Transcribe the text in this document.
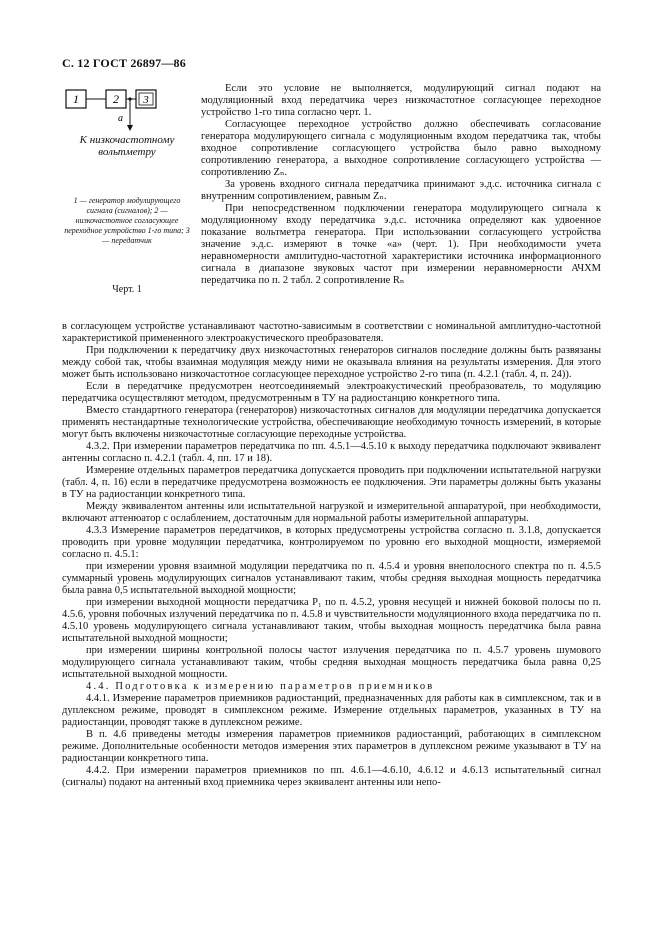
С. 12 ГОСТ 26897—86
1	2 3
а
К низкочастотному
вольтметру
1 — генератор модулирующего сигнала (сигналов); 2 — низкочастотное согласующее переходное устройство 1-го типа; 3 — передатчик
Черт. 1

Если это условие не выполняется, модулирующий сигнал подают на модуляционный вход передатчика через низкочастотное согласующее переходное устройство 1-го типа согласно черт. 1.

Согласующее переходное устройство должно обеспечивать согласование генератора модулирующего сигнала с модуляционным входом передатчика так, чтобы входное сопротивление согласующего устройства было равно выходному сопротивлению генератора, а выходное сопротивление согласующего устройства — сопротивлению Zₙ.

За уровень входного сигнала передатчика принимают э.д.с. источника сигнала с внутренним сопротивлением, равным Zₙ.

При непосредственном подключении генератора модулирующего сигнала к модуляционному входу передатчика э.д.с. источника определяют как удвоенное показание вольтметра генератора. При использовании согласующего устройства значение э.д.с. измеряют в точке «а» (черт. 1). При необходимости учета неравномерности амплитудно-частотной характеристики источника информационного сигнала в диапазоне звуковых частот при измерении неравномерности АЧХМ передатчика по п. 2 табл. 2 сопротивление Rₙ

в согласующем устройстве устанавливают частотно-зависимым в соответствии с номинальной амплитудно-частотной характеристикой примененного электроакустического преобразователя.

При подключении к передатчику двух низкочастотных генераторов сигналов последние должны быть развязаны между собой так, чтобы взаимная модуляция между ними не оказывала влияния на результаты измерения. Для этого может быть использовано низкочастотное согласующее переходное устройство 2-го типа (п. 4.2.1 (табл. 4, п. 24)).

Если в передатчике предусмотрен неотсоединяемый электроакустический преобразователь, то модуляцию передатчика осуществляют методом, предусмотренным в ТУ на радиостанцию конкретного типа.

Вместо стандартного генератора (генераторов) низкочастотных сигналов для модуляции передатчика допускается применять нестандартные технологические устройства, обеспечивающие необходимую точность измерений, в которые могут быть включены низкочастотные согласующие переходные устройства.

4.3.2. При измерении параметров передатчика по пп. 4.5.1—4.5.10 к выходу передатчика подключают эквивалент антенны согласно п. 4.2.1 (табл. 4, пп. 17 и 18).

Измерение отдельных параметров передатчика допускается проводить при подключении испытательной нагрузки (табл. 4, п. 16) если в передатчике предусмотрена возможность ее подключения. Эти параметры должны быть указаны в ТУ на радиостанции конкретного типа.

Между эквивалентом антенны или испытательной нагрузкой и измерительной аппаратурой, при необходимости, включают аттенюатор с ослаблением, достаточным для нормальной работы измерительной аппаратуры.

4.3.3 Измерение параметров передатчиков, в которых предусмотрены устройства согласно п. 3.1.8, допускается проводить при уровне модуляции передатчика, контролируемом по уровню его выходной мощности, измеряемой согласно п. 4.5.1:

при измерении уровня взаимной модуляции передатчика по п. 4.5.4 и уровня внеполосного спектра по п. 4.5.5 суммарный уровень модулирующих сигналов устанавливают таким, чтобы средняя выходная мощность передатчика была равна 0,5 испытательной выходной мощности;

при измерении выходной мощности передатчика P₁ по п. 4.5.2, уровня несущей и нижней боковой полосы по п. 4.5.6, уровня побочных излучений передатчика по п. 4.5.8 и чувствительности модуляционного входа передатчика по п. 4.5.10 уровень модулирующего сигнала устанавливают таким, чтобы выходная мощность передатчика была равна испытательной выходной мощности;

при измерении ширины контрольной полосы частот излучения передатчика по п. 4.5.7 уровень шумового модулирующего сигнала устанавливают таким, чтобы средняя выходная мощность передатчика была равна 0,25 испытательной выходной мощности.

4.4. Подготовка к измерению параметров приемников

4.4.1. Измерение параметров приемников радиостанций, предназначенных для работы как в симплексном, так и в дуплексном режиме, проводят в симплексном режиме. Измерение отдельных параметров, указанных в ТУ на радиостанции, проводят также в дуплексном режиме.

В п. 4.6 приведены методы измерения параметров приемников радиостанций, работающих в симплексном режиме. Дополнительные особенности методов измерения этих параметров в дуплексном режиме указывают в ТУ на радиостанции конкретного типа.

4.4.2. При измерении параметров приемников по пп. 4.6.1—4.6.10, 4.6.12 и 4.6.13 испытательный сигнал (сигналы) подают на антенный вход приемника через эквивалент антенны или непо-
